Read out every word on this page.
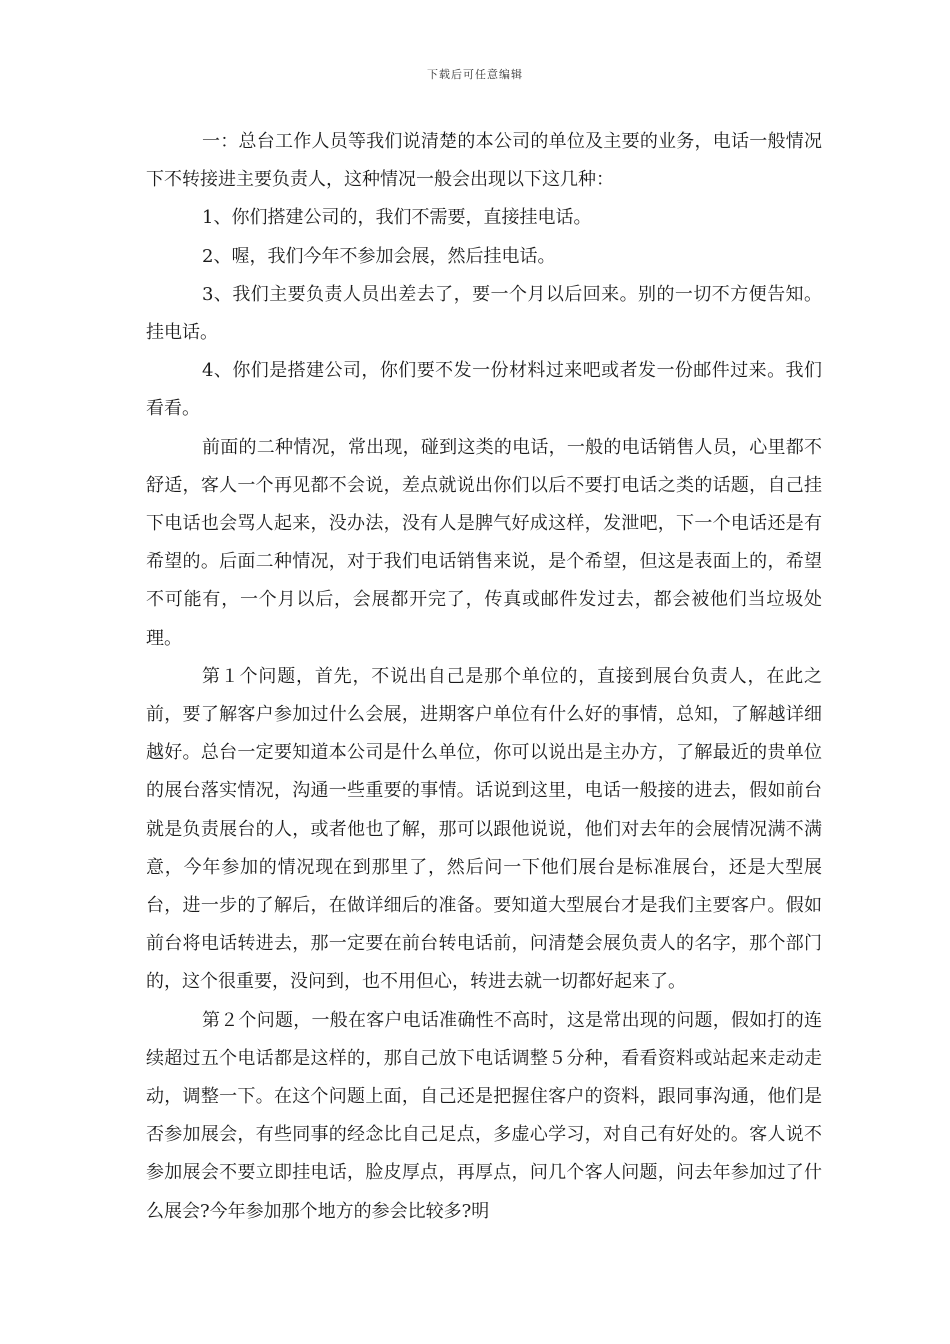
下载后可任意编辑

一：总台工作人员等我们说清楚的本公司的单位及主要的业务，电话一般情况下不转接进主要负责人，这种情况一般会出现以下这几种：

1、你们搭建公司的，我们不需要，直接挂电话。

2、喔，我们今年不参加会展，然后挂电话。

3、我们主要负责人员出差去了，要一个月以后回来。别的一切不方便告知。挂电话。

4、你们是搭建公司，你们要不发一份材料过来吧或者发一份邮件过来。我们看看。

前面的二种情况，常出现，碰到这类的电话，一般的电话销售人员，心里都不舒适，客人一个再见都不会说，差点就说出你们以后不要打电话之类的话题，自己挂下电话也会骂人起来，没办法，没有人是脾气好成这样，发泄吧，下一个电话还是有希望的。后面二种情况，对于我们电话销售来说，是个希望，但这是表面上的，希望不可能有，一个月以后，会展都开完了，传真或邮件发过去，都会被他们当垃圾处理。

第１个问题，首先，不说出自己是那个单位的，直接到展台负责人，在此之前，要了解客户参加过什么会展，进期客户单位有什么好的事情，总知，了解越详细越好。总台一定要知道本公司是什么单位，你可以说出是主办方，了解最近的贵单位的展台落实情况，沟通一些重要的事情。话说到这里，电话一般接的进去，假如前台就是负责展台的人，或者他也了解，那可以跟他说说，他们对去年的会展情况满不满意，今年参加的情况现在到那里了，然后问一下他们展台是标准展台，还是大型展台，进一步的了解后，在做详细后的准备。要知道大型展台才是我们主要客户。假如前台将电话转进去，那一定要在前台转电话前，问清楚会展负责人的名字，那个部门的，这个很重要，没问到，也不用但心，转进去就一切都好起来了。

第２个问题，一般在客户电话准确性不高时，这是常出现的问题，假如打的连续超过五个电话都是这样的，那自己放下电话调整５分种，看看资料或站起来走动走动，调整一下。在这个问题上面，自己还是把握住客户的资料，跟同事沟通，他们是否参加展会，有些同事的经念比自己足点，多虚心学习，对自己有好处的。客人说不参加展会不要立即挂电话，脸皮厚点，再厚点，问几个客人问题，问去年参加过了什么展会?今年参加那个地方的参会比较多?明
